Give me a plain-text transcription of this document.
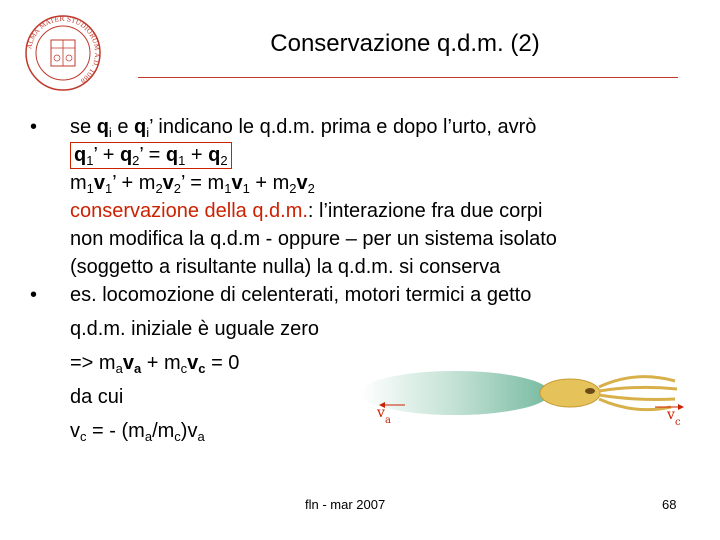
ALMA MATER STUDIORUM A.D. 1088
Conservazione q.d.m. (2)
•	se $q_i$ e $q_i$’ indicano le q.d.m. prima e dopo l’urto, avrò
$q_1$’ + $q_2$’ = $q_1 + q_2$
$m_1v_1$’ + $m_2v_2$’ = $m_1v_1 + m_2v_2$
conservazione della q.d.m.: l’interazione fra due corpi
non modifica la q.d.m - oppure – per un sistema isolato
(soggetto a risultante nulla) la q.d.m. si conserva
•	es. locomozione di celenterati, motori termici a getto
q.d.m. iniziale è uguale zero
=> $m_av_a + m_cv_c = 0$
da cui
$v_c$ = - $(m_a/m_c)v_a$
v a	v c
fln - mar 2007	68
